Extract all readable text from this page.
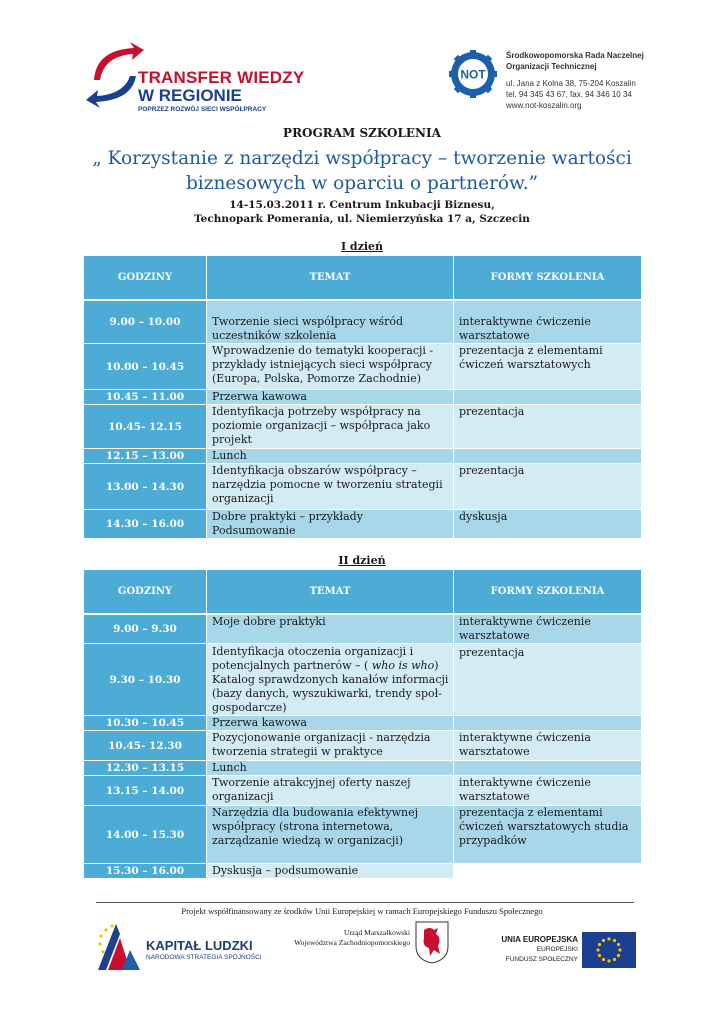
TRANSFER WIEDZY
W REGIONIE
POPRZEZ ROZWÓJ SIECI WSPÓŁPRACY
NOT
Środkowopomorska Rada Naczelnej
Organizacji Technicznej
ul. Jana z Kolna 38, 75-204 Koszalin
tel. 94 345 43 67, fax. 94 346 10 34
www.not-koszalin.org
PROGRAM SZKOLENIA
„ Korzystanie z narzędzi współpracy – tworzenie wartości
biznesowych w oparciu o partnerów.”
14-15.03.2011 r. Centrum Inkubacji Biznesu,
Technopark Pomerania, ul. Niemierzyńska 17 a, Szczecin
I dzień
GODZINY	TEMAT	FORMY SZKOLENIA
9.00 – 10.00	Tworzenie sieci współpracy wśród uczestników szkolenia	interaktywne ćwiczenie warsztatowe
10.00 – 10.45	Wprowadzenie do tematyki kooperacji - przykłady istniejących sieci współpracy (Europa, Polska, Pomorze Zachodnie)	prezentacja z elementami ćwiczeń warsztatowych
10.45 – 11.00	Przerwa kawowa	
10.45- 12.15	Identyfikacja potrzeby współpracy na poziomie organizacji – współpraca jako projekt	prezentacja
12.15 – 13.00	Lunch	
13.00 – 14.30	Identyfikacja obszarów współpracy – narzędzia pomocne w tworzeniu strategii organizacji	prezentacja
14.30 – 16.00	Dobre praktyki – przykłady Podsumowanie	dyskusja
II dzień
GODZINY	TEMAT	FORMY SZKOLENIA
9.00 – 9.30	Moje dobre praktyki	interaktywne ćwiczenie warsztatowe
9.30 – 10.30	Identyfikacja otoczenia organizacji i potencjalnych partnerów – ( who is who) Katalog sprawdzonych kanałów informacji (bazy danych, wyszukiwarki, trendy społ-gospodarcze)	prezentacja
10.30 – 10.45	Przerwa kawowa	
10.45- 12.30	Pozycjonowanie organizacji - narzędzia tworzenia strategii w praktyce	interaktywne ćwiczenia warsztatowe
12.30 – 13.15	Lunch	
13.15 – 14.00	Tworzenie atrakcyjnej oferty naszej organizacji	interaktywne ćwiczenie warsztatowe
14.00 – 15.30	Narzędzia dla budowania efektywnej współpracy (strona internetowa, zarządzanie wiedzą w organizacji)	prezentacja z elementami ćwiczeń warsztatowych studia przypadków
15.30 – 16.00	Dyskusja – podsumowanie	
Projekt współfinansowany ze środków Unii Europejskiej w ramach Europejskiego Funduszu Społecznego
KAPITAŁ LUDZKI
NARODOWA STRATEGIA SPÓJNOŚCI
Urząd Marszałkowski
Województwa Zachodniopomorskiego	UNIA EUROPEJSKA
EUROPEJSKI
FUNDUSZ SPOŁECZNY
